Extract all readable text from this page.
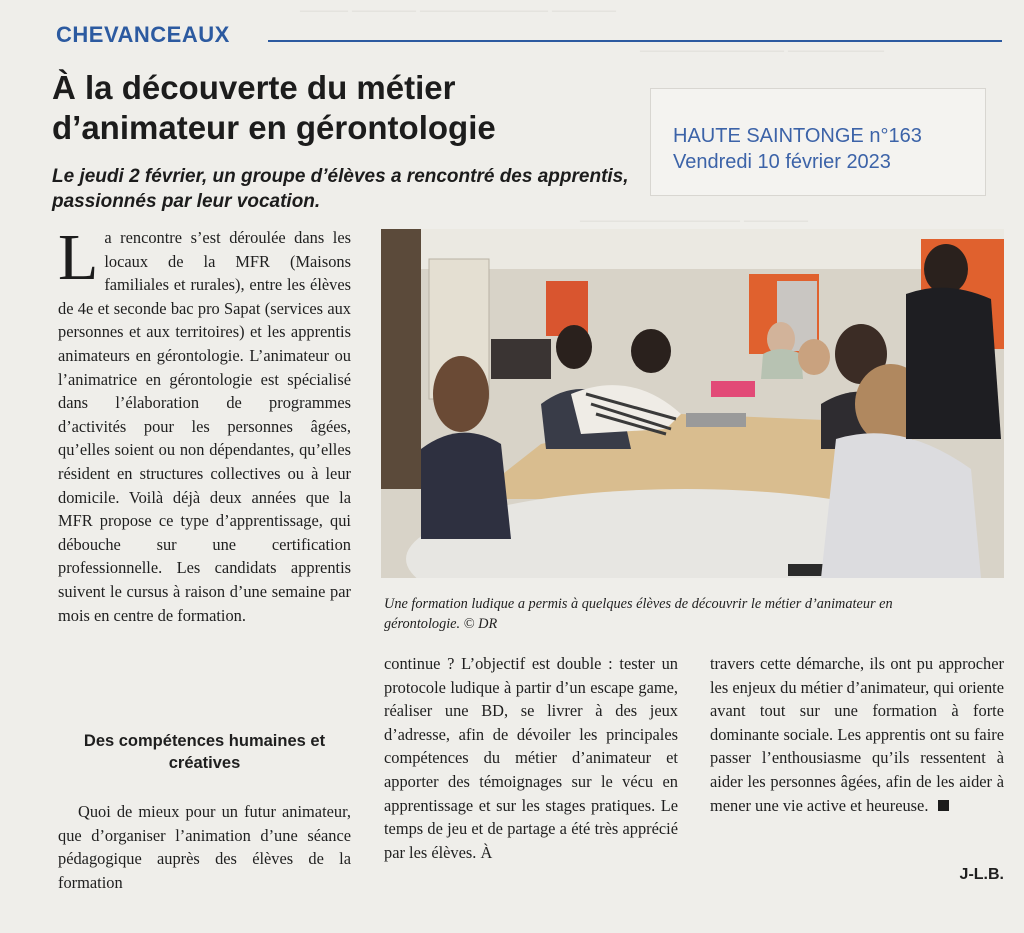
——— ———— ———————— ————
————————— ——————
—————————— ————
CHEVANCEAUX
À la découverte du métier d’animateur en gérontologie
Le jeudi 2 février, un groupe d’élèves a rencontré des apprentis, passionnés par leur vocation.
HAUTE SAINTONGE n°163
Vendredi 10 février 2023
L a rencontre s’est déroulée dans les locaux de la MFR (Maisons familiales et rurales), entre les élèves de 4e et seconde bac pro Sapat (services aux personnes et aux territoires) et les apprentis animateurs en gérontologie. L’animateur ou l’animatrice en gérontologie est spécialisé dans l’élaboration de programmes d’activités pour les personnes âgées, qu’elles soient ou non dépendantes, qu’elles résident en structures collectives ou à leur domicile. Voilà déjà deux années que la MFR propose ce type d’apprentissage, qui débouche sur une certification professionnelle. Les candidats apprentis suivent le cursus à raison d’une semaine par mois en centre de formation.

Des compétences humaines et créatives

Quoi de mieux pour un futur animateur, que d’organiser l’animation d’une séance pédagogique auprès des élèves de la formation

Une formation ludique a permis à quelques élèves de découvrir le métier d’animateur en gérontologie. © DR

continue ? L’objectif est double : tester un protocole ludique à partir d’un escape game, réaliser une BD, se livrer à des jeux d’adresse, afin de dévoiler les principales compétences du métier d’animateur et apporter des témoignages sur le vécu en apprentissage et sur les stages pratiques. Le temps de jeu et de partage a été très apprécié par les élèves. À

travers cette démarche, ils ont pu approcher les enjeux du métier d’animateur, qui oriente avant tout sur une formation à forte dominante sociale. Les apprentis ont su faire passer l’enthousiasme qu’ils ressentent à aider les personnes âgées, afin de les aider à mener une vie active et heureuse.

J-L.B.
